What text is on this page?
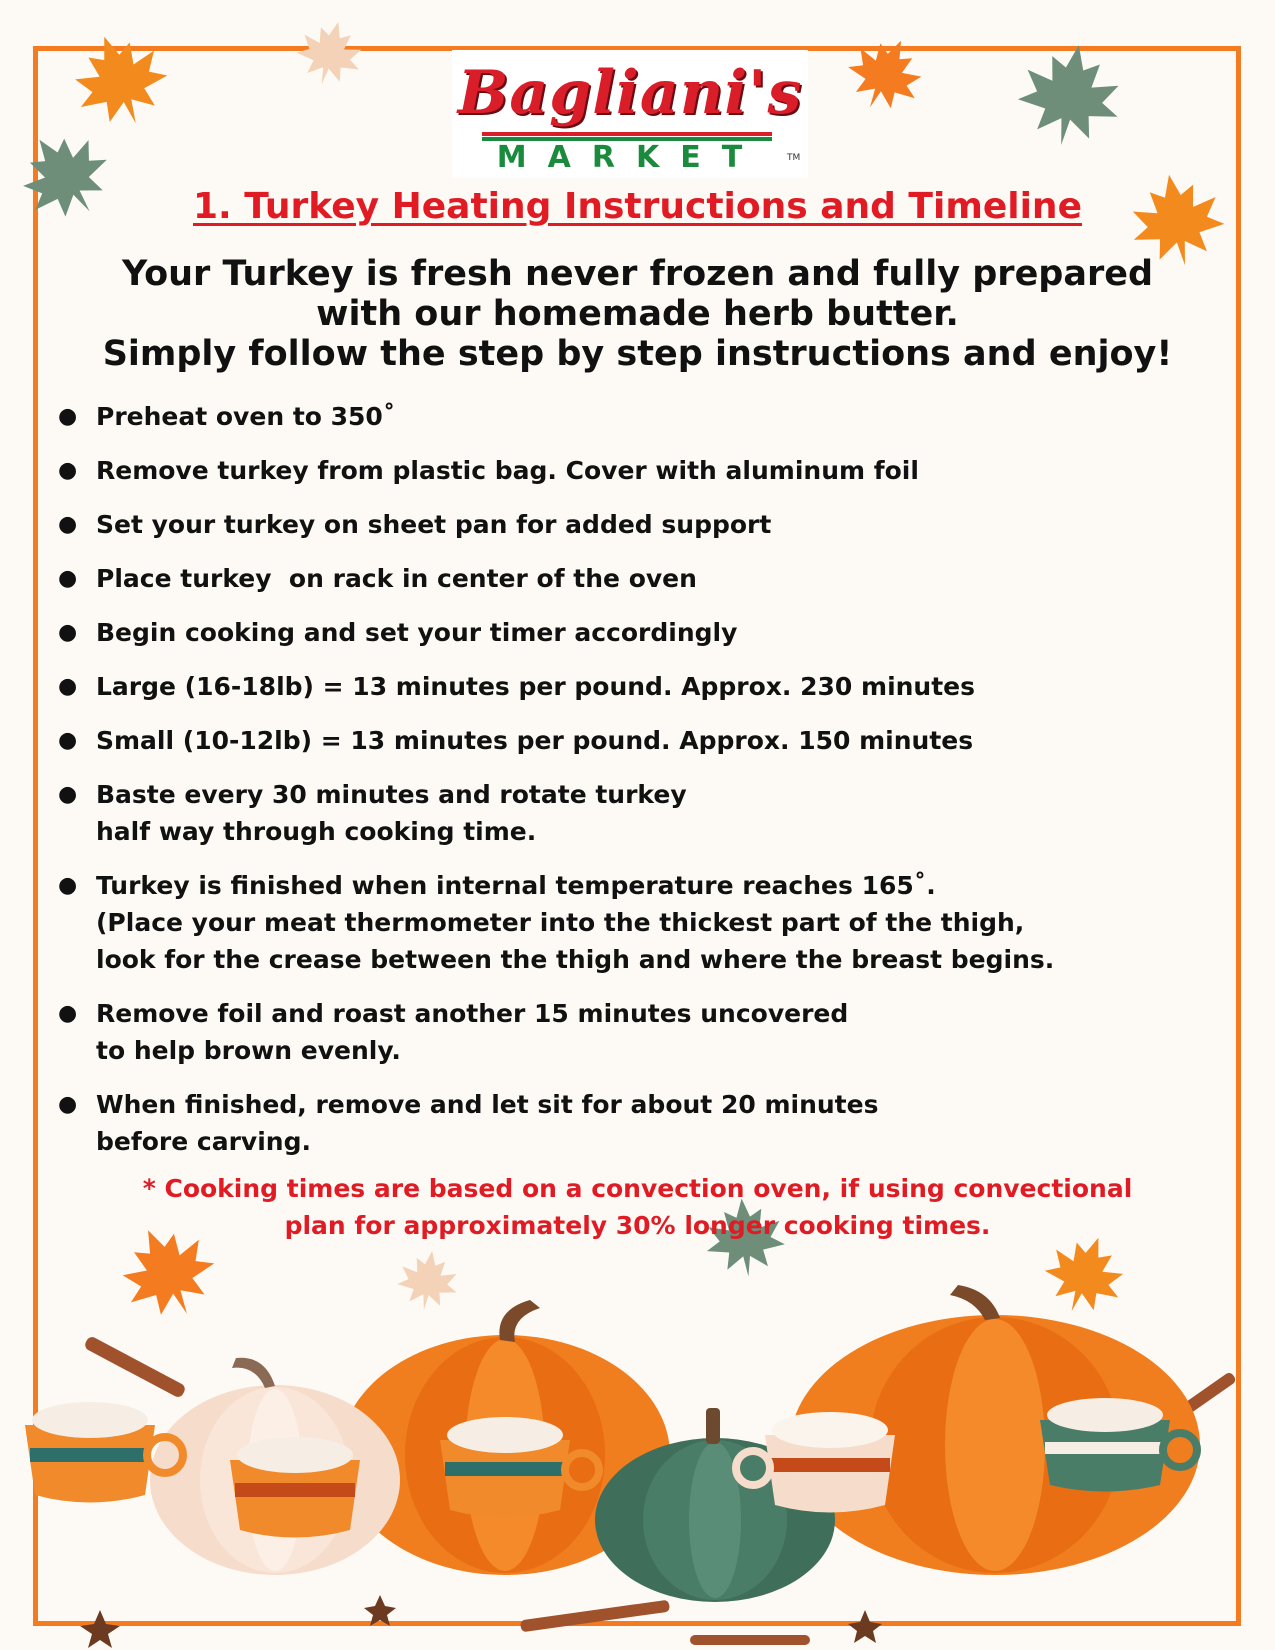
Bagliani's
MARKET	TM
1. Turkey Heating Instructions and Timeline
Your Turkey is fresh never frozen and fully prepared
with our homemade herb butter.
Simply follow the step by step instructions and enjoy!
● Preheat oven to 350˚
● Remove turkey from plastic bag. Cover with aluminum foil
● Set your turkey on sheet pan for added support
● Place turkey  on rack in center of the oven
● Begin cooking and set your timer accordingly
● Large (16-18lb) = 13 minutes per pound. Approx. 230 minutes
● Small (10-12lb) = 13 minutes per pound. Approx. 150 minutes
● Baste every 30 minutes and rotate turkey
half way through cooking time.
● Turkey is finished when internal temperature reaches 165˚.
(Place your meat thermometer into the thickest part of the thigh,
look for the crease between the thigh and where the breast begins.
● Remove foil and roast another 15 minutes uncovered
to help brown evenly.
● When finished, remove and let sit for about 20 minutes
before carving.
* Cooking times are based on a convection oven, if using convectional
plan for approximately 30% longer cooking times.
